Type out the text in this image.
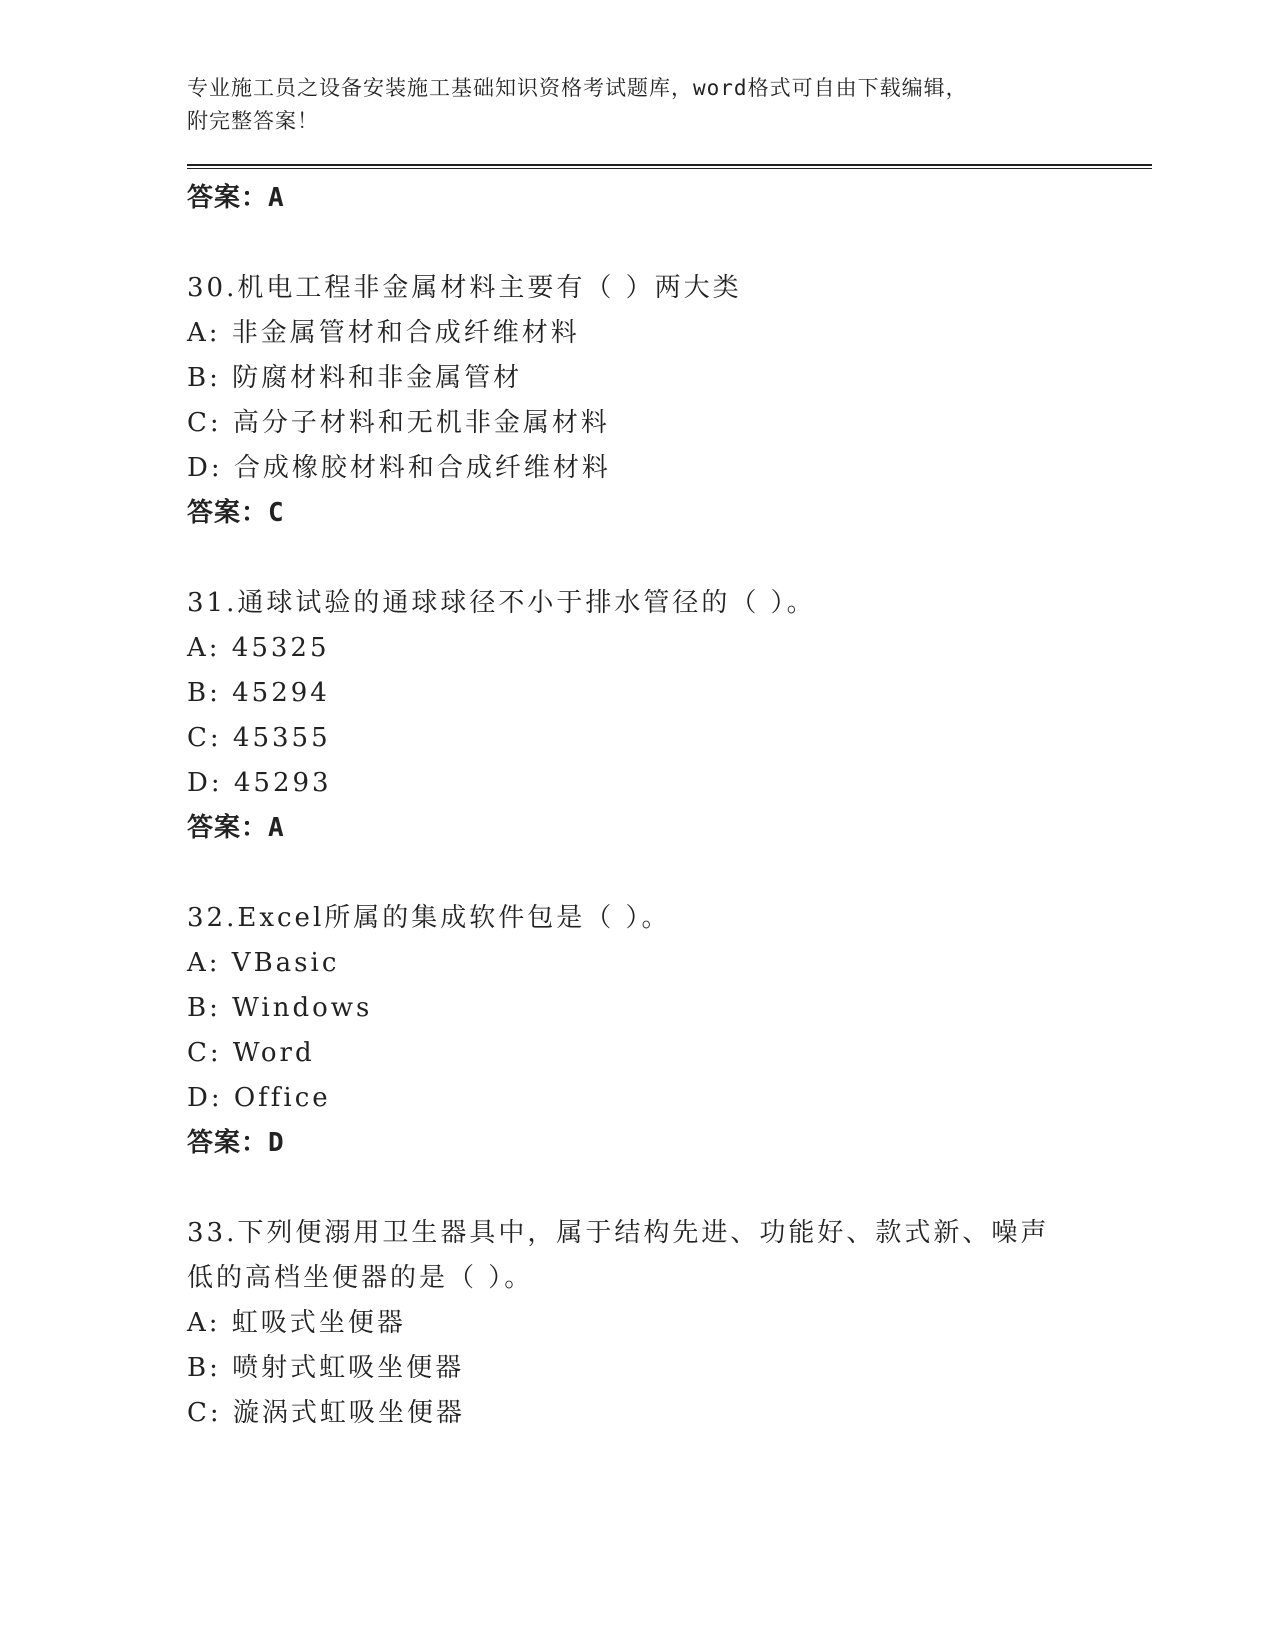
专业施工员之设备安装施工基础知识资格考试题库，word格式可自由下载编辑，
附完整答案！
答案：A
30.机电工程非金属材料主要有（ ）两大类
A: 非金属管材和合成纤维材料
B: 防腐材料和非金属管材
C: 高分子材料和无机非金属材料
D: 合成橡胶材料和合成纤维材料
答案：C
31.通球试验的通球球径不小于排水管径的（ ）。
A: 45325
B: 45294
C: 45355
D: 45293
答案：A
32.Excel所属的集成软件包是（ ）。
A: VBasic
B: Windows
C: Word
D: Office
答案：D
33.下列便溺用卫生器具中，属于结构先进、功能好、款式新、噪声低的高档坐便器的是（ ）。
A: 虹吸式坐便器
B: 喷射式虹吸坐便器
C: 漩涡式虹吸坐便器
